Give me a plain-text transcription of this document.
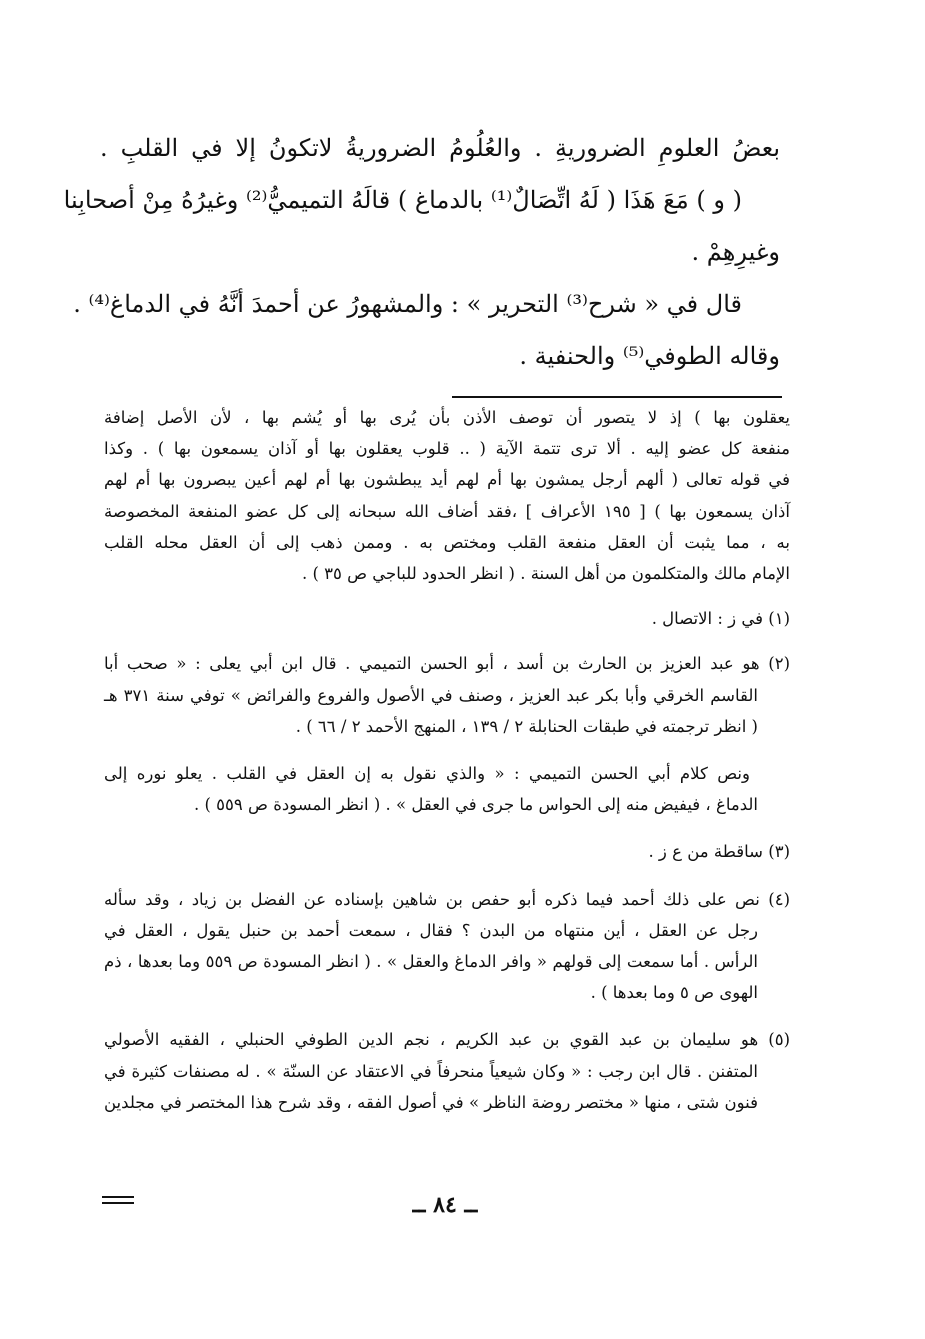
بعضُ العلومِ الضروريةِ . والعُلُومُ الضروريةُ لاتكونُ إلا في القلبِ .
( و ) مَعَ هَذَا ( لَهُ اتِّصَالٌ⁽¹⁾ بالدماغ ) قالَهُ التميميُّ⁽²⁾ وغيرُهُ مِنْ أصحابِنا
وغيرِهِمْ .
قال في « شرح⁽³⁾ التحرير » : والمشهورُ عن أحمدَ أنَّهُ في الدماغ⁽⁴⁾ .
وقاله الطوفي⁽⁵⁾ والحنفية .
يعقلون بها ) إذ لا يتصور أن توصف الأذن بأن يُرى بها أو يُشم بها ، لأن الأصل إضافة
منفعة كل عضو إليه . ألا ترى تتمة الآية ( .. قلوب يعقلون بها أو آذان يسمعون بها ) . وكذا
في قوله تعالى ( ألهم أرجل يمشون بها أم لهم أيد يبطشون بها أم لهم أعين يبصرون بها أم لهم
آذان يسمعون بها ) [ ١٩٥ الأعراف ] ،فقد أضاف الله سبحانه إلى كل عضو المنفعة المخصوصة
به ، مما يثبت أن العقل منفعة القلب ومختص به . وممن ذهب إلى أن العقل محله القلب
الإمام مالك والمتكلمون من أهل السنة . ( انظر الحدود للباجي ص ٣٥ ) .
(١) في ز : الاتصال .
(٢) هو عبد العزيز بن الحارث بن أسد ، أبو الحسن التميمي . قال ابن أبي يعلى : « صحب أبا
القاسم الخرقي وأبا بكر عبد العزيز ، وصنف في الأصول والفروع والفرائض » توفي سنة ٣٧١ هـ
( انظر ترجمته في طبقات الحنابلة ٢ / ١٣٩ ، المنهج الأحمد ٢ / ٦٦ ) .
ونص كلام أبي الحسن التميمي : « والذي نقول به إن العقل في القلب . يعلو نوره إلى
الدماغ ، فيفيض منه إلى الحواس ما جرى في العقل » . ( انظر المسودة ص ٥٥٩ ) .
(٣) ساقطة من ع ز .
(٤) نص على ذلك أحمد فيما ذكره أبو حفص بن شاهين بإسناده عن الفضل بن زياد ، وقد سأله
رجل عن العقل ، أين منتهاه من البدن ؟ فقال ، سمعت أحمد بن حنبل يقول ، العقل في
الرأس . أما سمعت إلى قولهم « وافر الدماغ والعقل » . ( انظر المسودة ص ٥٥٩ وما بعدها ، ذم
الهوى ص ٥ وما بعدها ) .
(٥) هو سليمان بن عبد القوي بن عبد الكريم ، نجم الدين الطوفي الحنبلي ، الفقيه الأصولي
المتفنن . قال ابن رجب : « وكان شيعياً منحرفاً في الاعتقاد عن السنّة » . له مصنفات كثيرة في
فنون شتى ، منها « مختصر روضة الناظر » في أصول الفقه ، وقد شرح هذا المختصر في مجلدين
ــ ٨٤ ــ
